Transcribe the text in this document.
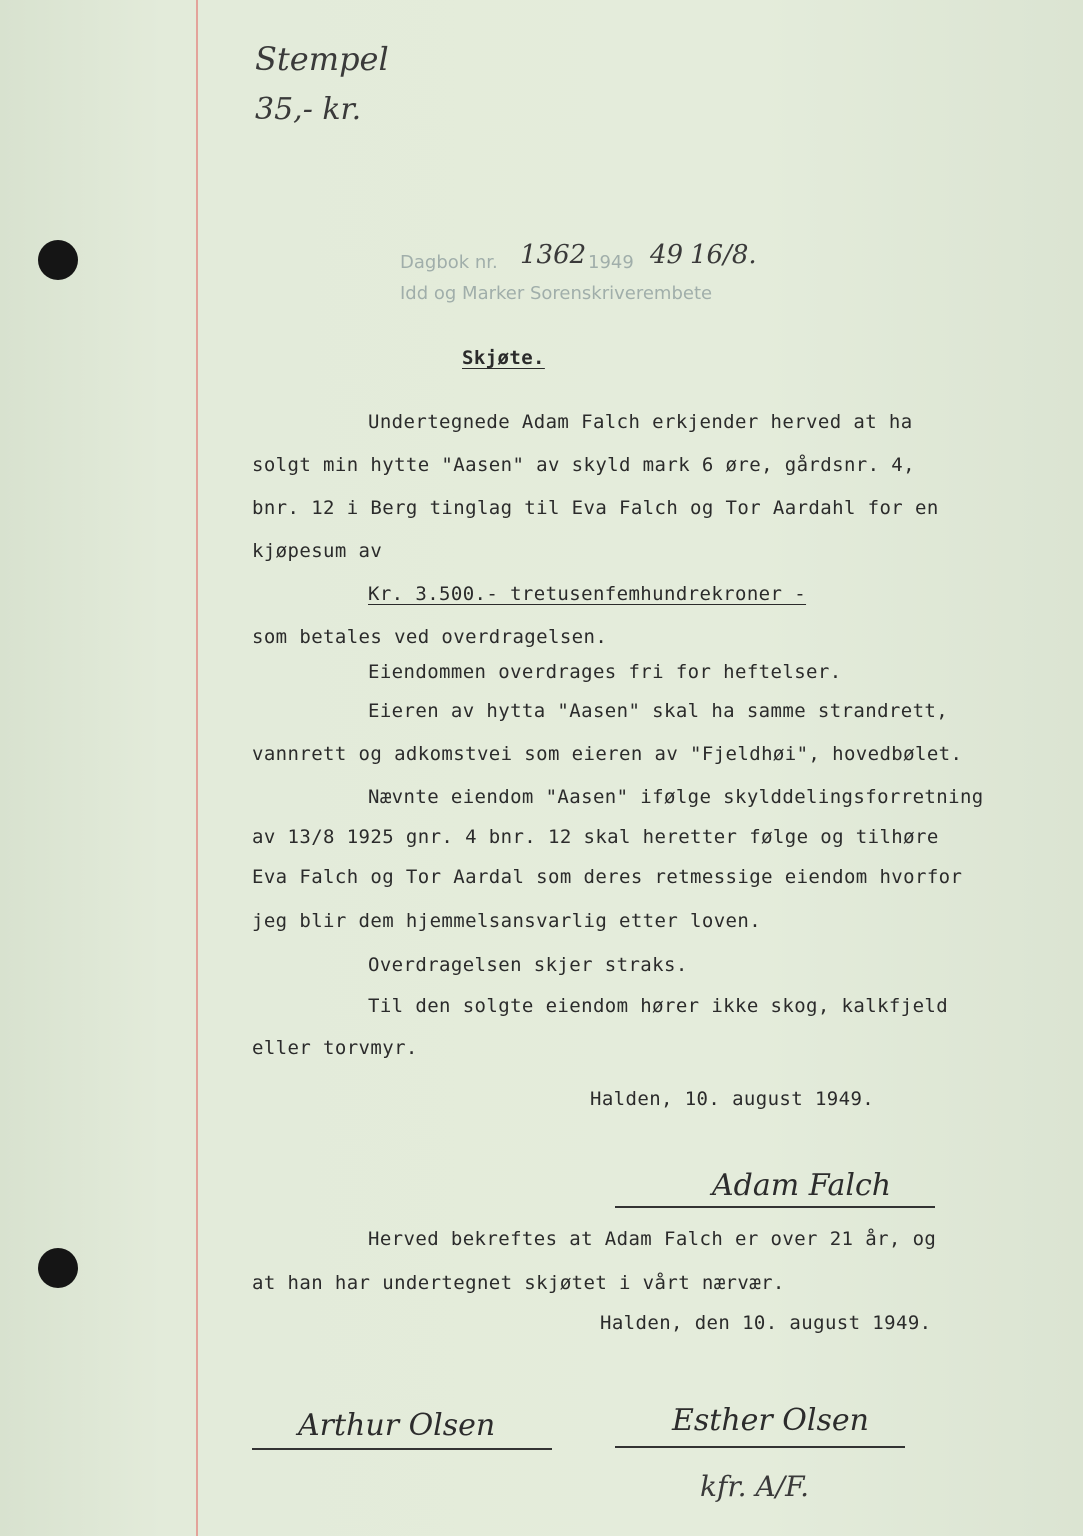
Stempel
35,- kr.
Dagbok nr. 1362 1949 49 16/8.
Idd og Marker Sorenskriverembete
Skjøte.
Undertegnede Adam Falch erkjender herved at ha
solgt min hytte "Aasen" av skyld mark 6 øre, gårdsnr. 4,
bnr. 12 i Berg tinglag til Eva Falch og Tor Aardahl for en
kjøpesum av
Kr. 3.500.- tretusenfemhundrekroner -
som betales ved overdragelsen.
Eiendommen overdrages fri for heftelser.
Eieren av hytta "Aasen" skal ha samme strandrett,
vannrett og adkomstvei som eieren av "Fjeldhøi", hovedbølet.
Nævnte eiendom "Aasen" ifølge skylddelingsforretning
av 13/8 1925 gnr. 4 bnr. 12 skal heretter følge og tilhøre
Eva Falch og Tor Aardal som deres retmessige eiendom hvorfor
jeg blir dem hjemmelsansvarlig etter loven.
Overdragelsen skjer straks.
Til den solgte eiendom hører ikke skog, kalkfjeld
eller torvmyr.
Halden, 10. august 1949.
Adam Falch
Herved bekreftes at Adam Falch er over 21 år, og
at han har undertegnet skjøtet i vårt nærvær.
Halden, den 10. august 1949.
Arthur Olsen	Esther Olsen
kfr. A/F.
